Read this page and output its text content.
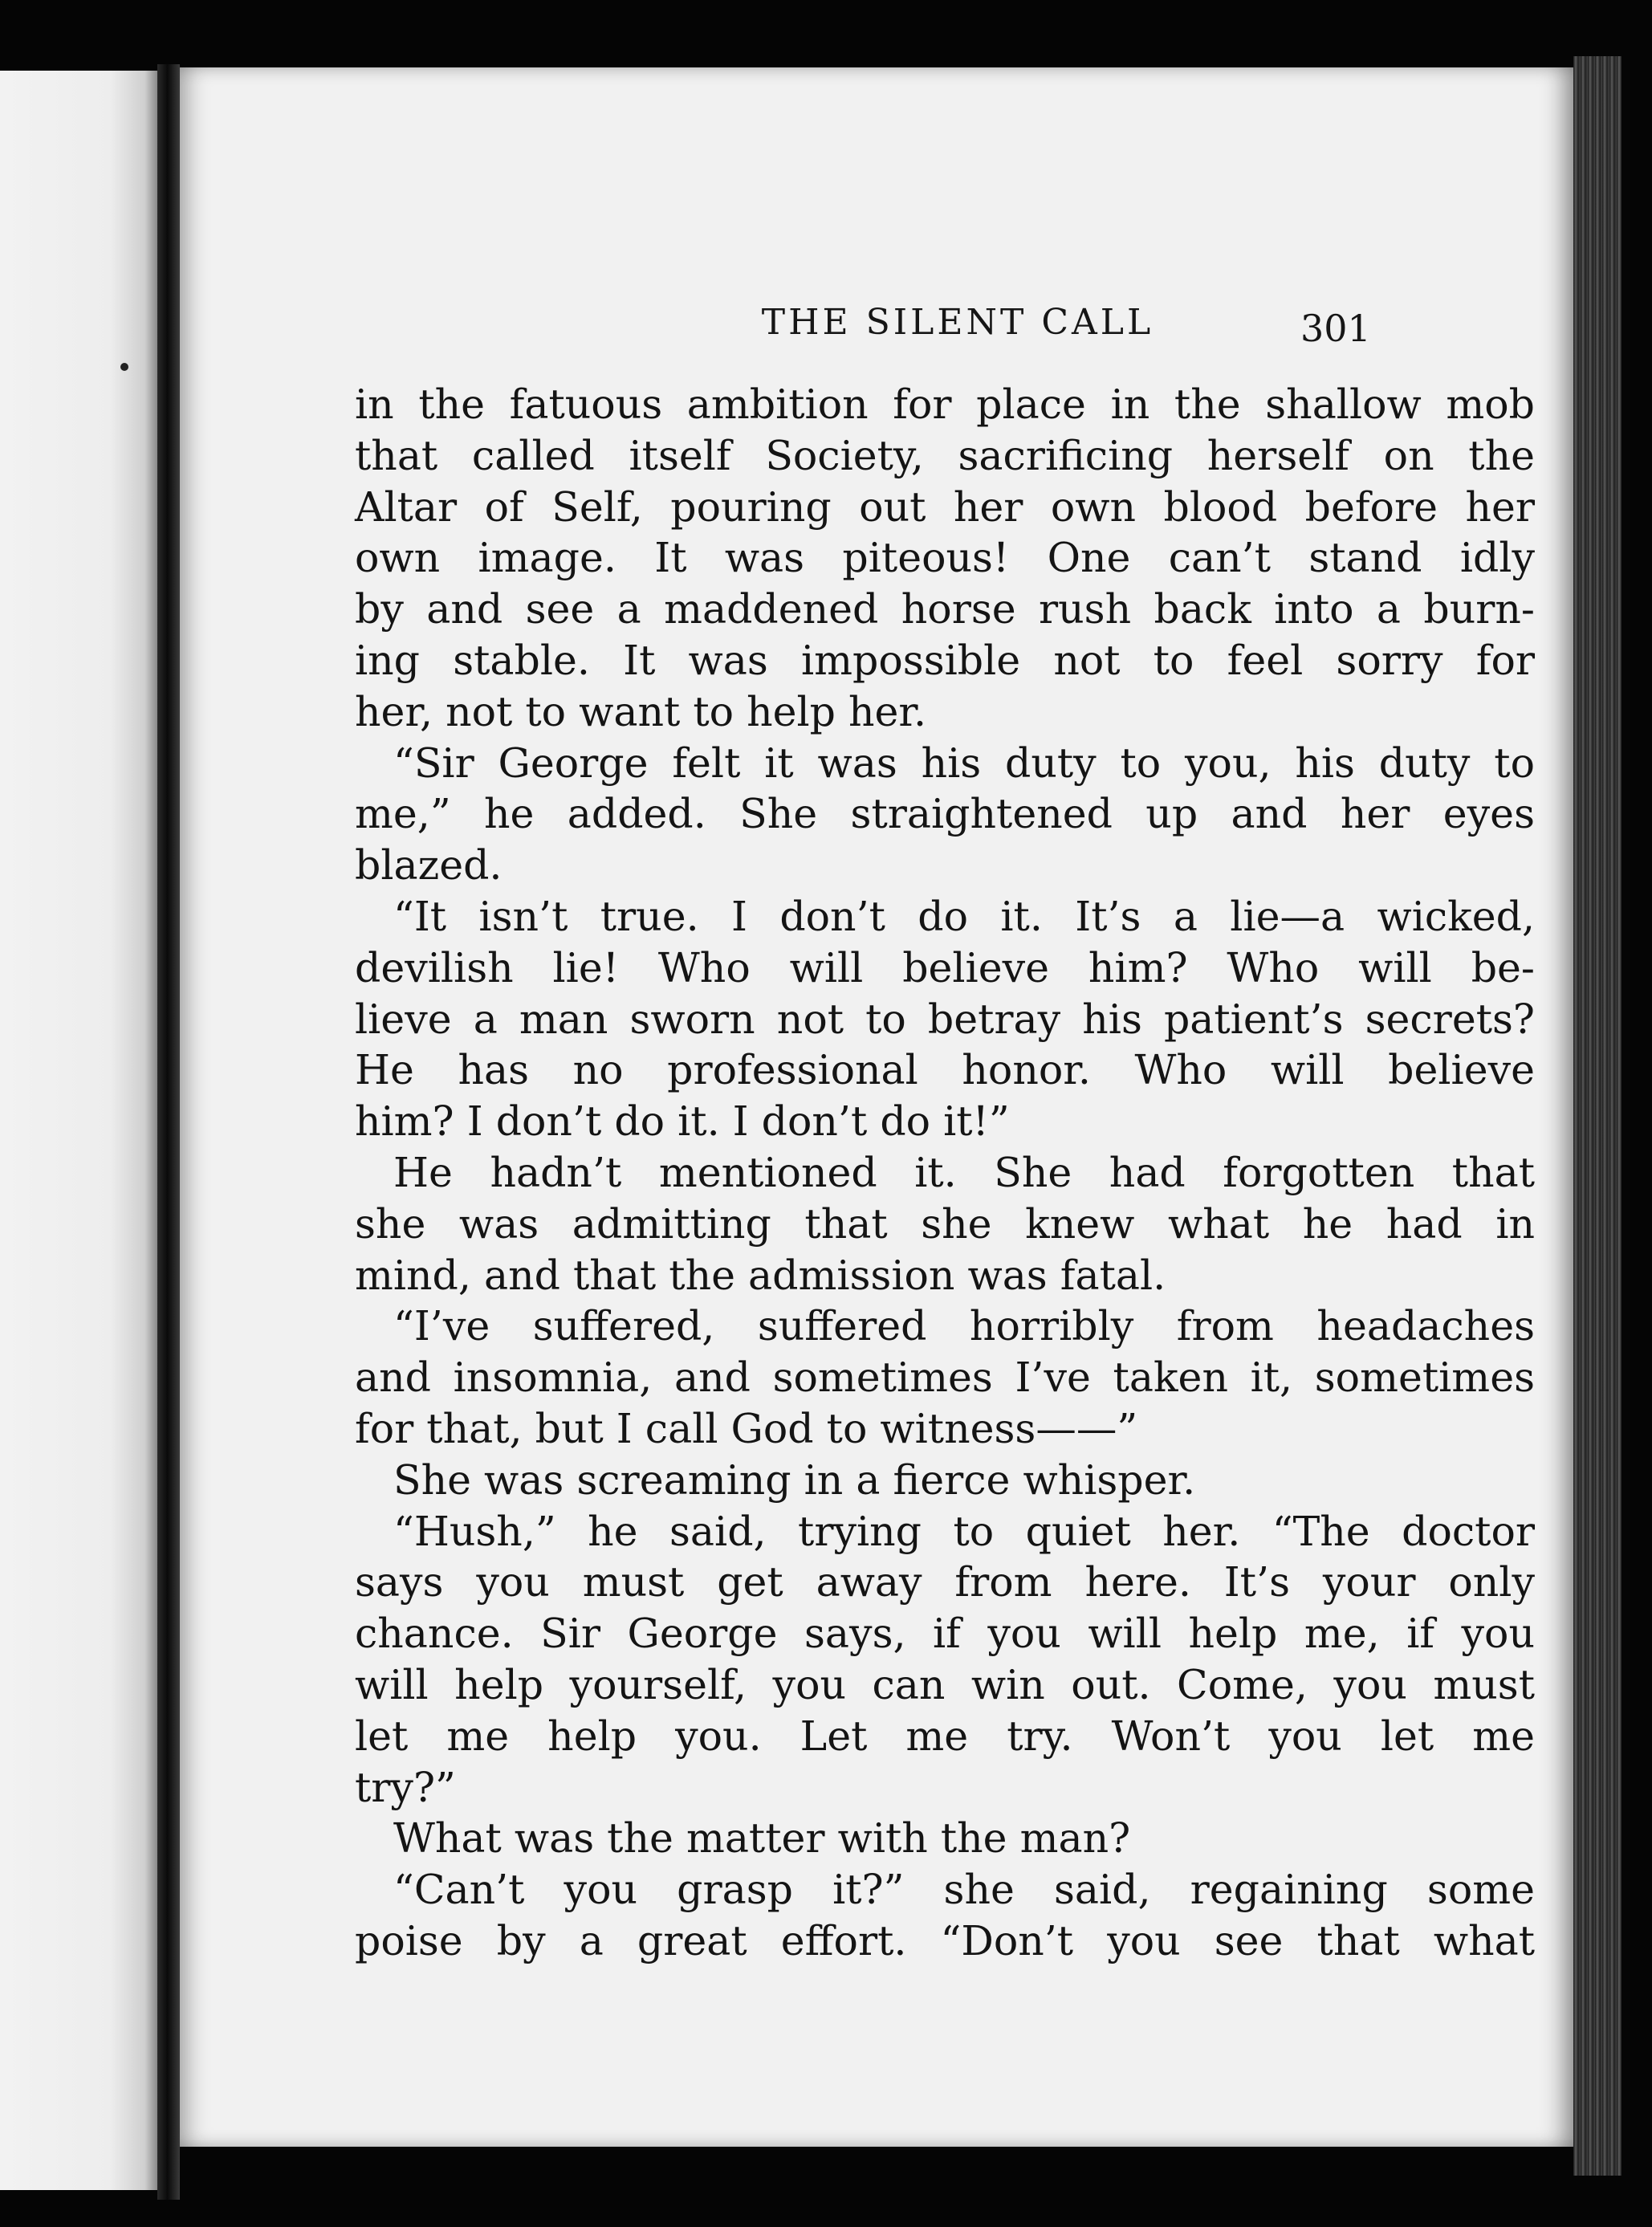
THE SILENT CALL	301
in the fatuous ambition for place in the shallow mob
that called itself Society, sacrificing herself on the
Altar of Self, pouring out her own blood before her
own image. It was piteous! One can’t stand idly
by and see a maddened horse rush back into a burn-
ing stable. It was impossible not to feel sorry for
her, not to want to help her.
“Sir George felt it was his duty to you, his duty to
me,” he added. She straightened up and her eyes
blazed.
“It isn’t true. I don’t do it. It’s a lie—a wicked,
devilish lie! Who will believe him? Who will be-
lieve a man sworn not to betray his patient’s secrets?
He has no professional honor. Who will believe
him? I don’t do it. I don’t do it!”
He hadn’t mentioned it. She had forgotten that
she was admitting that she knew what he had in
mind, and that the admission was fatal.
“I’ve suffered, suffered horribly from headaches
and insomnia, and sometimes I’ve taken it, sometimes
for that, but I call God to witness——”
She was screaming in a fierce whisper.
“Hush,” he said, trying to quiet her. “The doctor
says you must get away from here. It’s your only
chance. Sir George says, if you will help me, if you
will help yourself, you can win out. Come, you must
let me help you. Let me try. Won’t you let me
try?”
What was the matter with the man?
“Can’t you grasp it?” she said, regaining some
poise by a great effort. “Don’t you see that what
